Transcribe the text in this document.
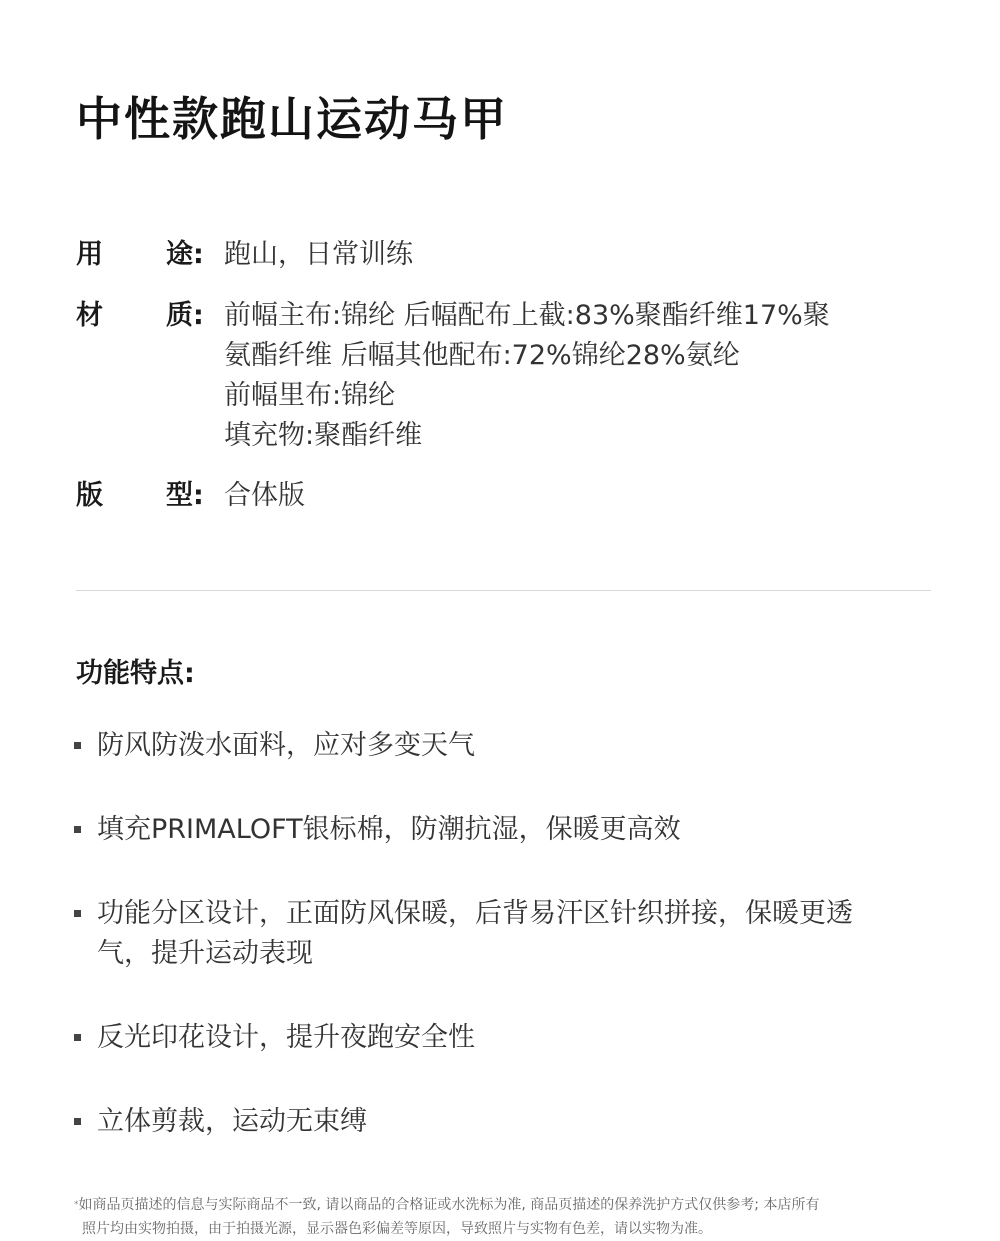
中性款跑山运动马甲
用 途: 跑山，日常训练
材 质: 前幅主布:锦纶 后幅配布上截:83%聚酯纤维17%聚
氨酯纤维 后幅其他配布:72%锦纶28%氨纶
前幅里布:锦纶
填充物:聚酯纤维
版 型: 合体版
功能特点:
防风防泼水面料，应对多变天气
填充PRIMALOFT银标棉，防潮抗湿，保暖更高效
功能分区设计，正面防风保暖，后背易汗区针织拼接，保暖更透
气，提升运动表现
反光印花设计，提升夜跑安全性
立体剪裁，运动无束缚
*如商品页描述的信息与实际商品不一致, 请以商品的合格证或水洗标为准, 商品页描述的保养洗护方式仅供参考; 本店所有
照片均由实物拍摄，由于拍摄光源，显示器色彩偏差等原因，导致照片与实物有色差，请以实物为准。
